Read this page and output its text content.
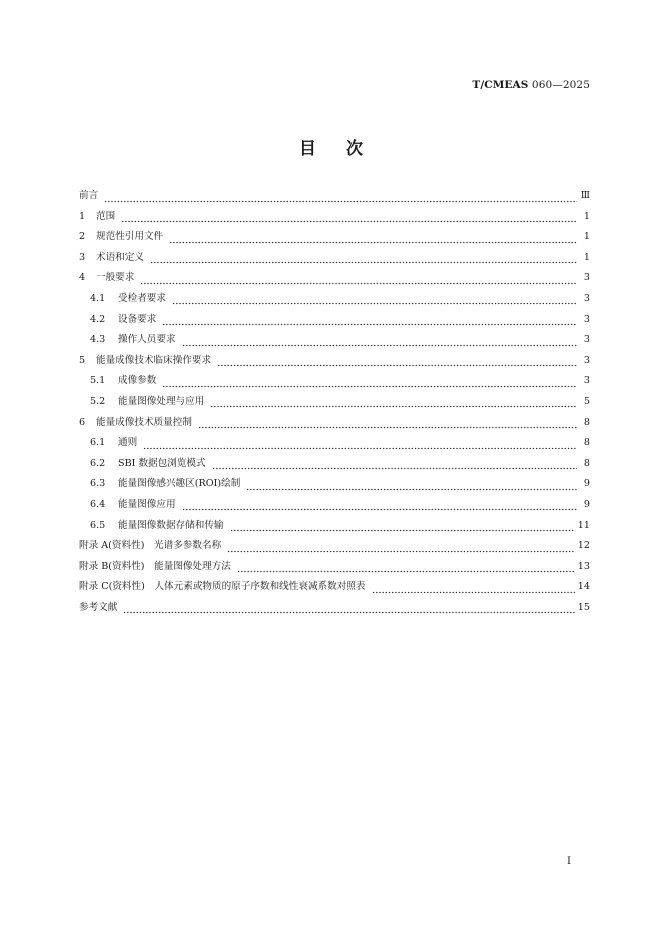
T/CMEAS 060—2025
目 次
前言	Ⅲ
1	范围	1
2	规范性引用文件	1
3	术语和定义	1
4	一般要求	3
4.1	受检者要求	3
4.2	设备要求	3
4.3	操作人员要求	3
5	能量成像技术临床操作要求	3
5.1	成像参数	3
5.2	能量图像处理与应用	5
6	能量成像技术质量控制	8
6.1	通则	8
6.2	SBI 数据包浏览模式	8
6.3	能量图像感兴趣区(ROI)绘制	9
6.4	能量图像应用	9
6.5	能量图像数据存储和传输	11
附录 A(资料性)　光谱多参数名称	12
附录 B(资料性)　能量图像处理方法	13
附录 C(资料性)　人体元素或物质的原子序数和线性衰减系数对照表	14
参考文献	15
I
